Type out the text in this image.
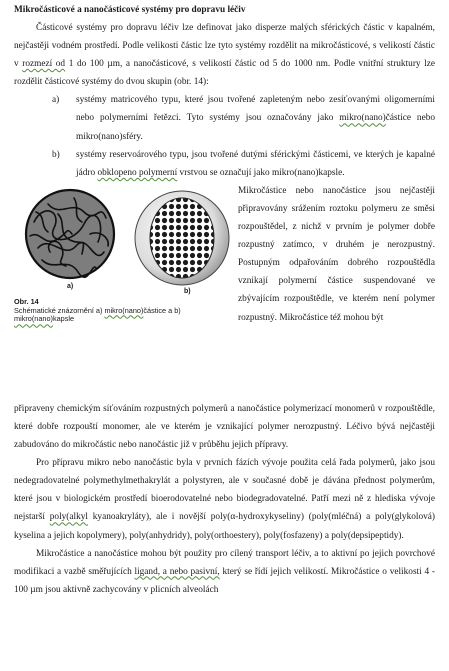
Mikročásticové a nanočásticové systémy pro dopravu léčiv

Částicové systémy pro dopravu léčiv lze definovat jako disperze malých sférických částic v kapalném, nejčastěji vodném prostředí. Podle velikosti částic lze tyto systémy rozdělit na mikročásticové, s velikostí částic v rozmezí od 1 do 100 µm, a nanočásticové, s velikostí částic od 5 do 1000 nm. Podle vnitřní struktury lze rozdělit částicové systémy do dvou skupin (obr. 14):

a) systémy matricového typu, které jsou tvořené zapleteným nebo zesíťovanými oligomerními nebo polymerními řetězci. Tyto systémy jsou označovány jako mikro(nano)částice nebo mikro(nano)sféry.
b) systémy reservoárového typu, jsou tvořené dutými sférickými částicemi, ve kterých je kapalné jádro obklopeno polymerní vrstvou se označují jako mikro(nano)kapsle.
a)
b)
Obr. 14
Schématické znázornění a) mikro(nano)částice a b) mikro(nano)kapsle

Mikročástice nebo nanočástice jsou nejčastěji připravovány srážením roztoku polymeru ze směsi rozpouštědel, z nichž v prvním je polymer dobře rozpustný zatímco, v druhém je nerozpustný. Postupným odpařováním dobrého rozpouštědla vznikají polymerní částice suspendované ve zbývajícím rozpouštědle, ve kterém není polymer rozpustný. Mikročástice též mohou být

připraveny chemickým síťováním rozpustných polymerů a nanočástice polymerizací monomerů v rozpouštědle, které dobře rozpouští monomer, ale ve kterém je vznikající polymer nerozpustný. Léčivo bývá nejčastěji zabudováno do mikročástic nebo nanočástic již v průběhu jejich přípravy.

Pro přípravu mikro nebo nanočástic byla v prvních fázích vývoje použita celá řada polymerů, jako jsou nedegradovatelné polymethylmethakrylát a polystyren, ale v současné době je dávána přednost polymerům, které jsou v biologickém prostředí bioerodovatelné nebo biodegradovatelné. Patří mezi ně z hlediska vývoje nejstarší poly(alkyl kyanoakryláty), ale i novější poly(α-hydroxykyseliny) (poly(mléčná) a poly(glykolová) kyselina a jejich kopolymery), poly(anhydridy), poly(orthoestery), poly(fosfazeny) a poly(depsipeptidy).

Mikročástice a nanočástice mohou být použity pro cílený transport léčiv, a to aktivní po jejich povrchové modifikaci a vazbě směřujících ligand, a nebo pasivní, který se řídí jejich velikostí. Mikročástice o velikosti 4 - 100 µm jsou aktivně zachycovány v plicních alveolách
